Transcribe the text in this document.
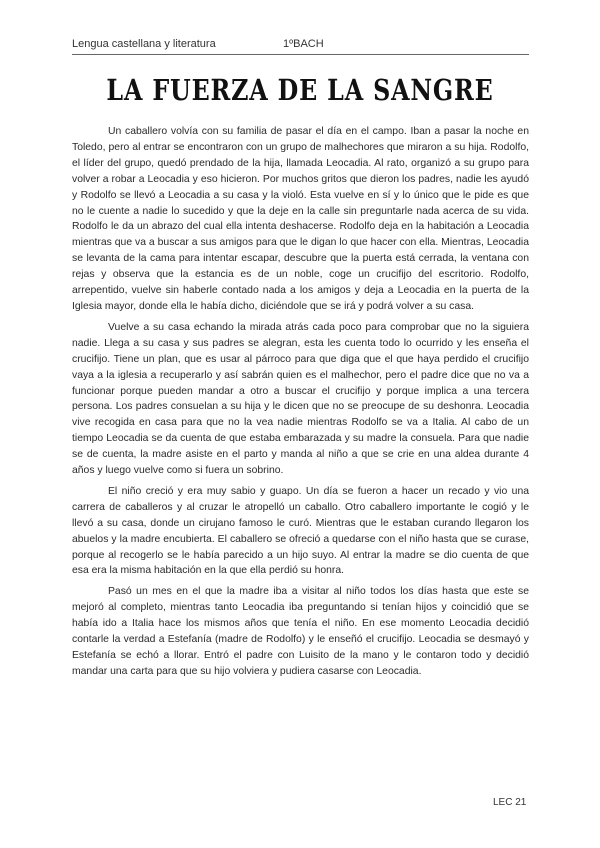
Lengua castellana y literatura	1ºBACH
LA FUERZA DE LA SANGRE

Un caballero volvía con su familia de pasar el día en el campo. Iban a pasar la noche en Toledo, pero al entrar se encontraron con un grupo de malhechores que miraron a su hija. Rodolfo, el líder del grupo, quedó prendado de la hija, llamada Leocadia. Al rato, organizó a su grupo para volver a robar a Leocadia y eso hicieron. Por muchos gritos que dieron los padres, nadie les ayudó y Rodolfo se llevó a Leocadia a su casa y la violó. Esta vuelve en sí y lo único que le pide es que no le cuente a nadie lo sucedido y que la deje en la calle sin preguntarle nada acerca de su vida. Rodolfo le da un abrazo del cual ella intenta deshacerse. Rodolfo deja en la habitación a Leocadia mientras que va a buscar a sus amigos para que le digan lo que hacer con ella. Mientras, Leocadia se levanta de la cama para intentar escapar, descubre que la puerta está cerrada, la ventana con rejas y observa que la estancia es de un noble, coge un crucifijo del escritorio. Rodolfo, arrepentido, vuelve sin haberle contado nada a los amigos y deja a Leocadia en la puerta de la Iglesia mayor, donde ella le había dicho, diciéndole que se irá y podrá volver a su casa.

Vuelve a su casa echando la mirada atrás cada poco para comprobar que no la siguiera nadie. Llega a su casa y sus padres se alegran, esta les cuenta todo lo ocurrido y les enseña el crucifijo. Tiene un plan, que es usar al párroco para que diga que el que haya perdido el crucifijo vaya a la iglesia a recuperarlo y así sabrán quien es el malhechor, pero el padre dice que no va a funcionar porque pueden mandar a otro a buscar el crucifijo y porque implica a una tercera persona. Los padres consuelan a su hija y le dicen que no se preocupe de su deshonra. Leocadia vive recogida en casa para que no la vea nadie mientras Rodolfo se va a Italia. Al cabo de un tiempo Leocadia se da cuenta de que estaba embarazada y su madre la consuela. Para que nadie se de cuenta, la madre asiste en el parto y manda al niño a que se crie en una aldea durante 4 años y luego vuelve como si fuera un sobrino.

El niño creció y era muy sabio y guapo. Un día se fueron a hacer un recado y vio una carrera de caballeros y al cruzar le atropelló un caballo. Otro caballero importante le cogió y le llevó a su casa, donde un cirujano famoso le curó. Mientras que le estaban curando llegaron los abuelos y la madre encubierta. El caballero se ofreció a quedarse con el niño hasta que se curase, porque al recogerlo se le había parecido a un hijo suyo. Al entrar la madre se dio cuenta de que esa era la misma habitación en la que ella perdió su honra.

Pasó un mes en el que la madre iba a visitar al niño todos los días hasta que este se mejoró al completo, mientras tanto Leocadia iba preguntando si tenían hijos y coincidió que se había ido a Italia hace los mismos años que tenía el niño. En ese momento Leocadia decidió contarle la verdad a Estefanía (madre de Rodolfo) y le enseñó el crucifijo. Leocadia se desmayó y Estefanía se echó a llorar. Entró el padre con Luisito de la mano y le contaron todo y decidió mandar una carta para que su hijo volviera y pudiera casarse con Leocadia.

LEC 21
